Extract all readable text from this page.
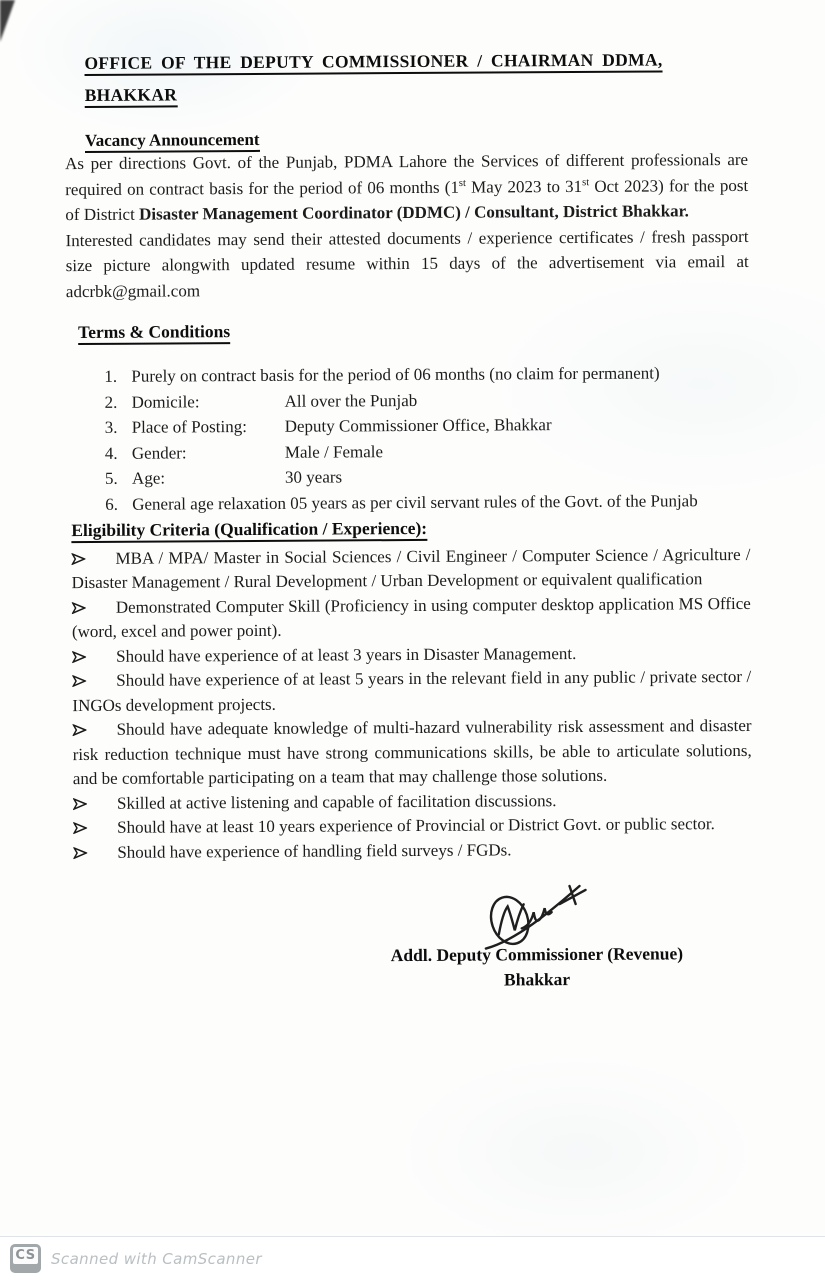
OFFICE OF THE DEPUTY COMMISSIONER / CHAIRMAN DDMA,
BHAKKAR
Vacancy Announcement

As per directions Govt. of the Punjab, PDMA Lahore the Services of different professionals are required on contract basis for the period of 06 months (1st May 2023 to 31st Oct 2023) for the post of District Disaster Management Coordinator (DDMC) / Consultant, District Bhakkar.

Interested candidates may send their attested documents / experience certificates / fresh passport size picture alongwith updated resume within 15 days of the advertisement via email at adcrbk@gmail.com

Terms & Conditions
1. Purely on contract basis for the period of 06 months (no claim for permanent)
2. Domicile:	All over the Punjab
3. Place of Posting: Deputy Commissioner Office, Bhakkar
4. Gender:	Male / Female
5. Age:	30 years
6. General age relaxation 05 years as per civil servant rules of the Govt. of the Punjab
Eligibility Criteria (Qualification / Experience):

MBA / MPA/ Master in Social Sciences / Civil Engineer / Computer Science / Agriculture / Disaster Management / Rural Development / Urban Development or equivalent qualification

Demonstrated Computer Skill (Proficiency in using computer desktop application MS Office (word, excel and power point).

Should have experience of at least 3 years in Disaster Management.

Should have experience of at least 5 years in the relevant field in any public / private sector / INGOs development projects.

Should have adequate knowledge of multi-hazard vulnerability risk assessment and disaster risk reduction technique must have strong communications skills, be able to articulate solutions, and be comfortable participating on a team that may challenge those solutions.

Skilled at active listening and capable of facilitation discussions.

Should have at least 10 years experience of Provincial or District Govt. or public sector.

Should have experience of handling field surveys / FGDs.

Addl. Deputy Commissioner (Revenue)
Bhakkar
CS Scanned with CamScanner
